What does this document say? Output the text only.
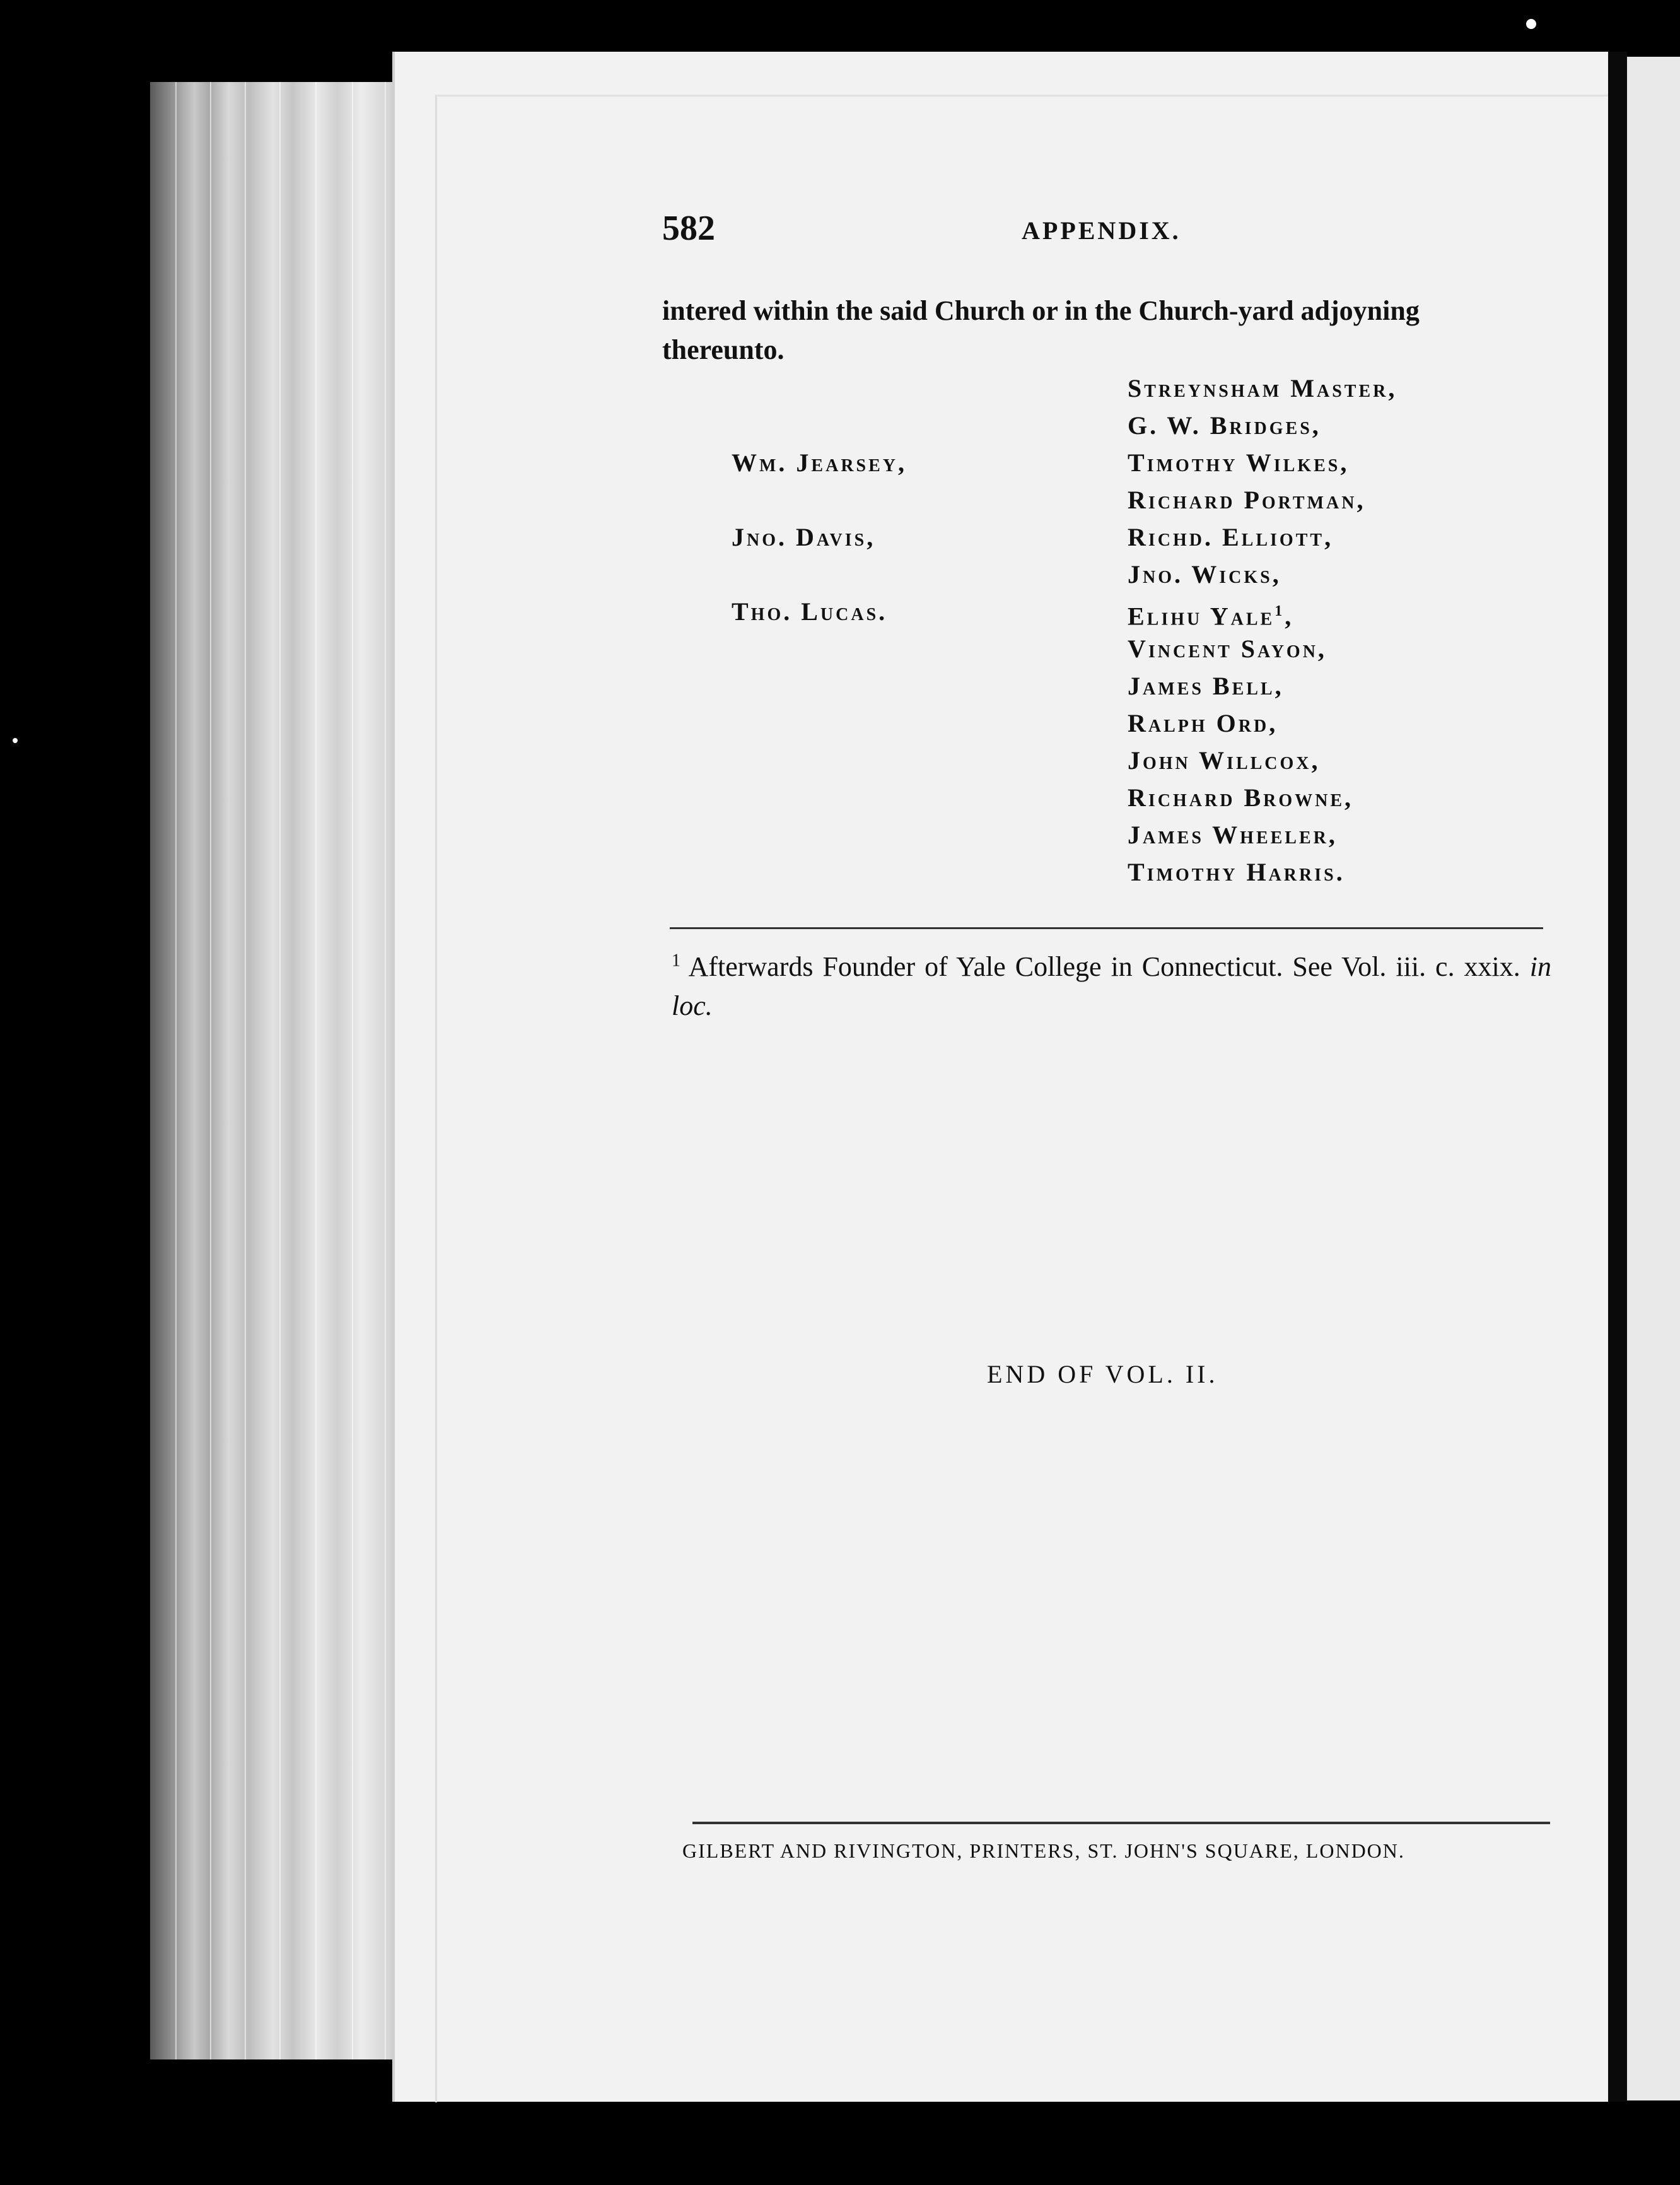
582	APPENDIX.
intered within the said Church or in the Church-yard adjoyning
thereunto.
Wm. Jearsey,
Jno. Davis,
Tho. Lucas.
Streynsham Master,
G. W. Bridges,
Timothy Wilkes,
Richard Portman,
Richd. Elliott,
Jno. Wicks,
Elihu Yale$^1$,
Vincent Sayon,
James Bell,
Ralph Ord,
John Willcox,
Richard Browne,
James Wheeler,
Timothy Harris.
$^1$ Afterwards Founder of Yale College in Connecticut. See Vol. iii. c. xxix. in loc.
END OF VOL. II.
GILBERT AND RIVINGTON, PRINTERS, ST. JOHN'S SQUARE, LONDON.
